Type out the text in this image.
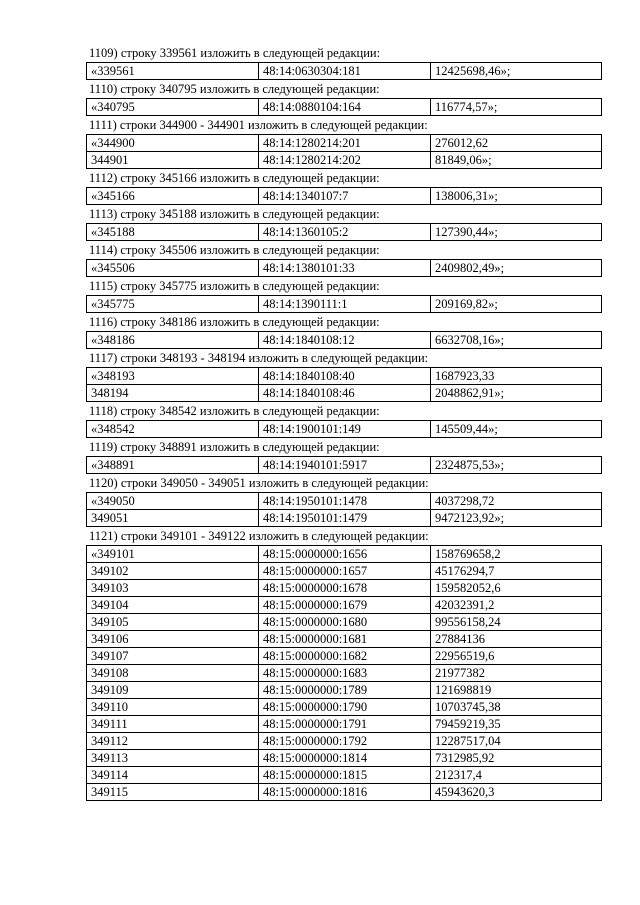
1109) строку 339561 изложить в следующей редакции:
«339561	48:14:0630304:181	12425698,46»;
1110) строку 340795 изложить в следующей редакции:
«340795	48:14:0880104:164	116774,57»;
1111) строки 344900 - 344901 изложить в следующей редакции:
«344900	48:14:1280214:201	276012,62
344901	48:14:1280214:202	81849,06»;
1112) строку 345166 изложить в следующей редакции:
«345166	48:14:1340107:7	138006,31»;
1113) строку 345188 изложить в следующей редакции:
«345188	48:14:1360105:2	127390,44»;
1114) строку 345506 изложить в следующей редакции:
«345506	48:14:1380101:33	2409802,49»;
1115) строку 345775 изложить в следующей редакции:
«345775	48:14:1390111:1	209169,82»;
1116) строку 348186 изложить в следующей редакции:
«348186	48:14:1840108:12	6632708,16»;
1117) строки 348193 - 348194 изложить в следующей редакции:
«348193	48:14:1840108:40	1687923,33
348194	48:14:1840108:46	2048862,91»;
1118) строку 348542 изложить в следующей редакции:
«348542	48:14:1900101:149	145509,44»;
1119) строку 348891 изложить в следующей редакции:
«348891	48:14:1940101:5917	2324875,53»;
1120) строки 349050 - 349051 изложить в следующей редакции:
«349050	48:14:1950101:1478	4037298,72
349051	48:14:1950101:1479	9472123,92»;
1121) строки 349101 - 349122 изложить в следующей редакции:
«349101	48:15:0000000:1656	158769658,2
349102	48:15:0000000:1657	45176294,7
349103	48:15:0000000:1678	159582052,6
349104	48:15:0000000:1679	42032391,2
349105	48:15:0000000:1680	99556158,24
349106	48:15:0000000:1681	27884136
349107	48:15:0000000:1682	22956519,6
349108	48:15:0000000:1683	21977382
349109	48:15:0000000:1789	121698819
349110	48:15:0000000:1790	10703745,38
349111	48:15:0000000:1791	79459219,35
349112	48:15:0000000:1792	12287517,04
349113	48:15:0000000:1814	7312985,92
349114	48:15:0000000:1815	212317,4
349115	48:15:0000000:1816	45943620,3
